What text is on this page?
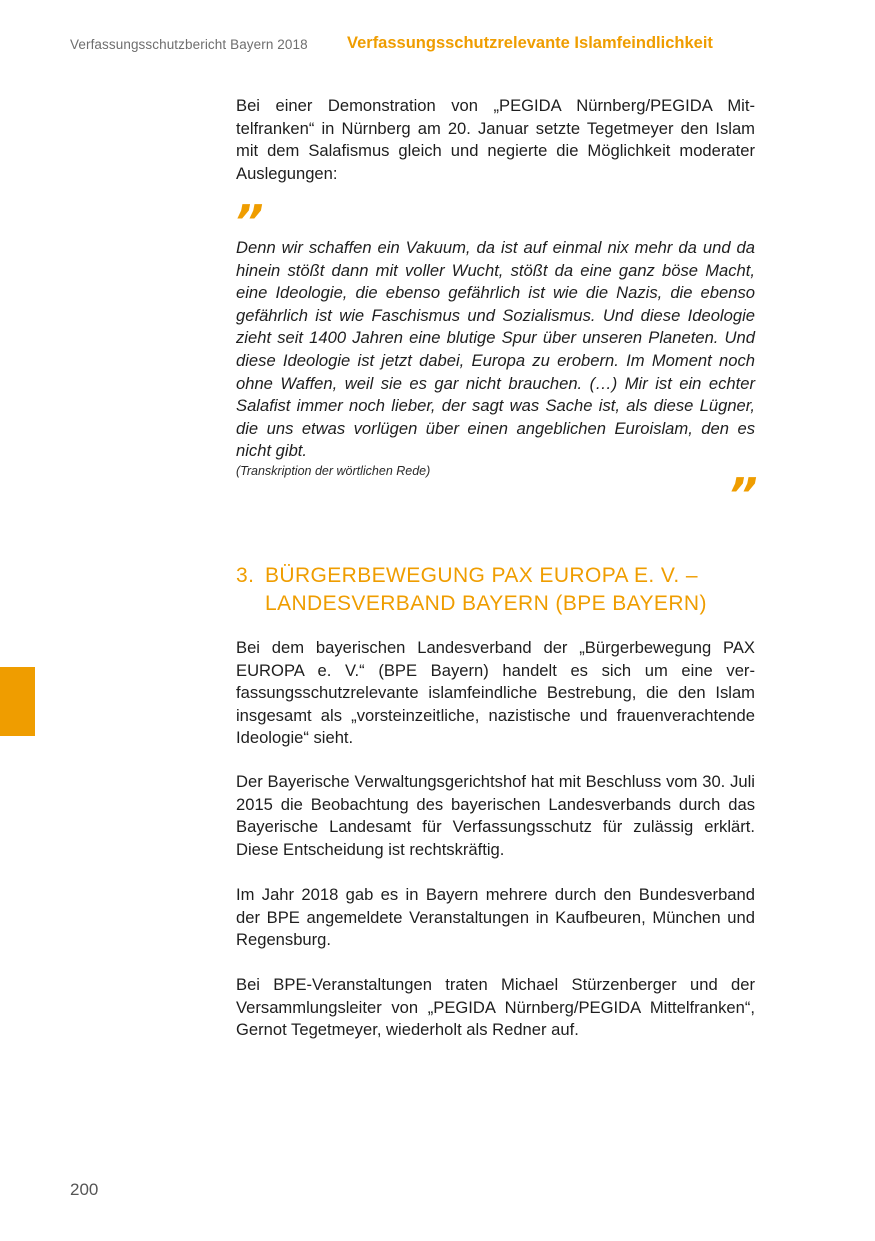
Verfassungsschutzbericht Bayern 2018 Verfassungsschutzrelevante Islamfeindlichkeit

Bei einer Demonstration von „PEGIDA Nürnberg/PEGIDA Mittelfranken“ in Nürnberg am 20. Januar setzte Tegetmeyer den Islam mit dem Salafismus gleich und negierte die Möglichkeit moderater Auslegungen:

”

Denn wir schaffen ein Vakuum, da ist auf einmal nix mehr da und da hinein stößt dann mit voller Wucht, stößt da eine ganz böse Macht, eine Ideologie, die ebenso gefährlich ist wie die Nazis, die ebenso gefährlich ist wie Faschismus und Sozialismus. Und diese Ideologie zieht seit 1400 Jahren eine blutige Spur über unseren Planeten. Und diese Ideologie ist jetzt dabei, Europa zu erobern. Im Moment noch ohne Waffen, weil sie es gar nicht brauchen. (…) Mir ist ein echter Salafist immer noch lieber, der sagt was Sache ist, als diese Lügner, die uns etwas vorlügen über einen angeblichen Euroislam, den es nicht gibt.

(Transkription der wörtlichen Rede)	”
3. BÜRGERBEWEGUNG PAX EUROPA E. V. – LANDESVERBAND BAYERN (BPE BAYERN)

Bei dem bayerischen Landesverband der „Bürgerbewegung PAX EUROPA e. V.“ (BPE Bayern) handelt es sich um eine verfassungsschutzrelevante islamfeindliche Bestrebung, die den Islam insgesamt als „vorsteinzeitliche, nazistische und frauenverachtende Ideologie“ sieht.

Der Bayerische Verwaltungsgerichtshof hat mit Beschluss vom 30. Juli 2015 die Beobachtung des bayerischen Landesverbands durch das Bayerische Landesamt für Verfassungsschutz für zulässig erklärt. Diese Entscheidung ist rechtskräftig.

Im Jahr 2018 gab es in Bayern mehrere durch den Bundesverband der BPE angemeldete Veranstaltungen in Kaufbeuren, München und Regensburg.

Bei BPE-Veranstaltungen traten Michael Stürzenberger und der Versammlungsleiter von „PEGIDA Nürnberg/PEGIDA Mittelfranken“, Gernot Tegetmeyer, wiederholt als Redner auf.

200
